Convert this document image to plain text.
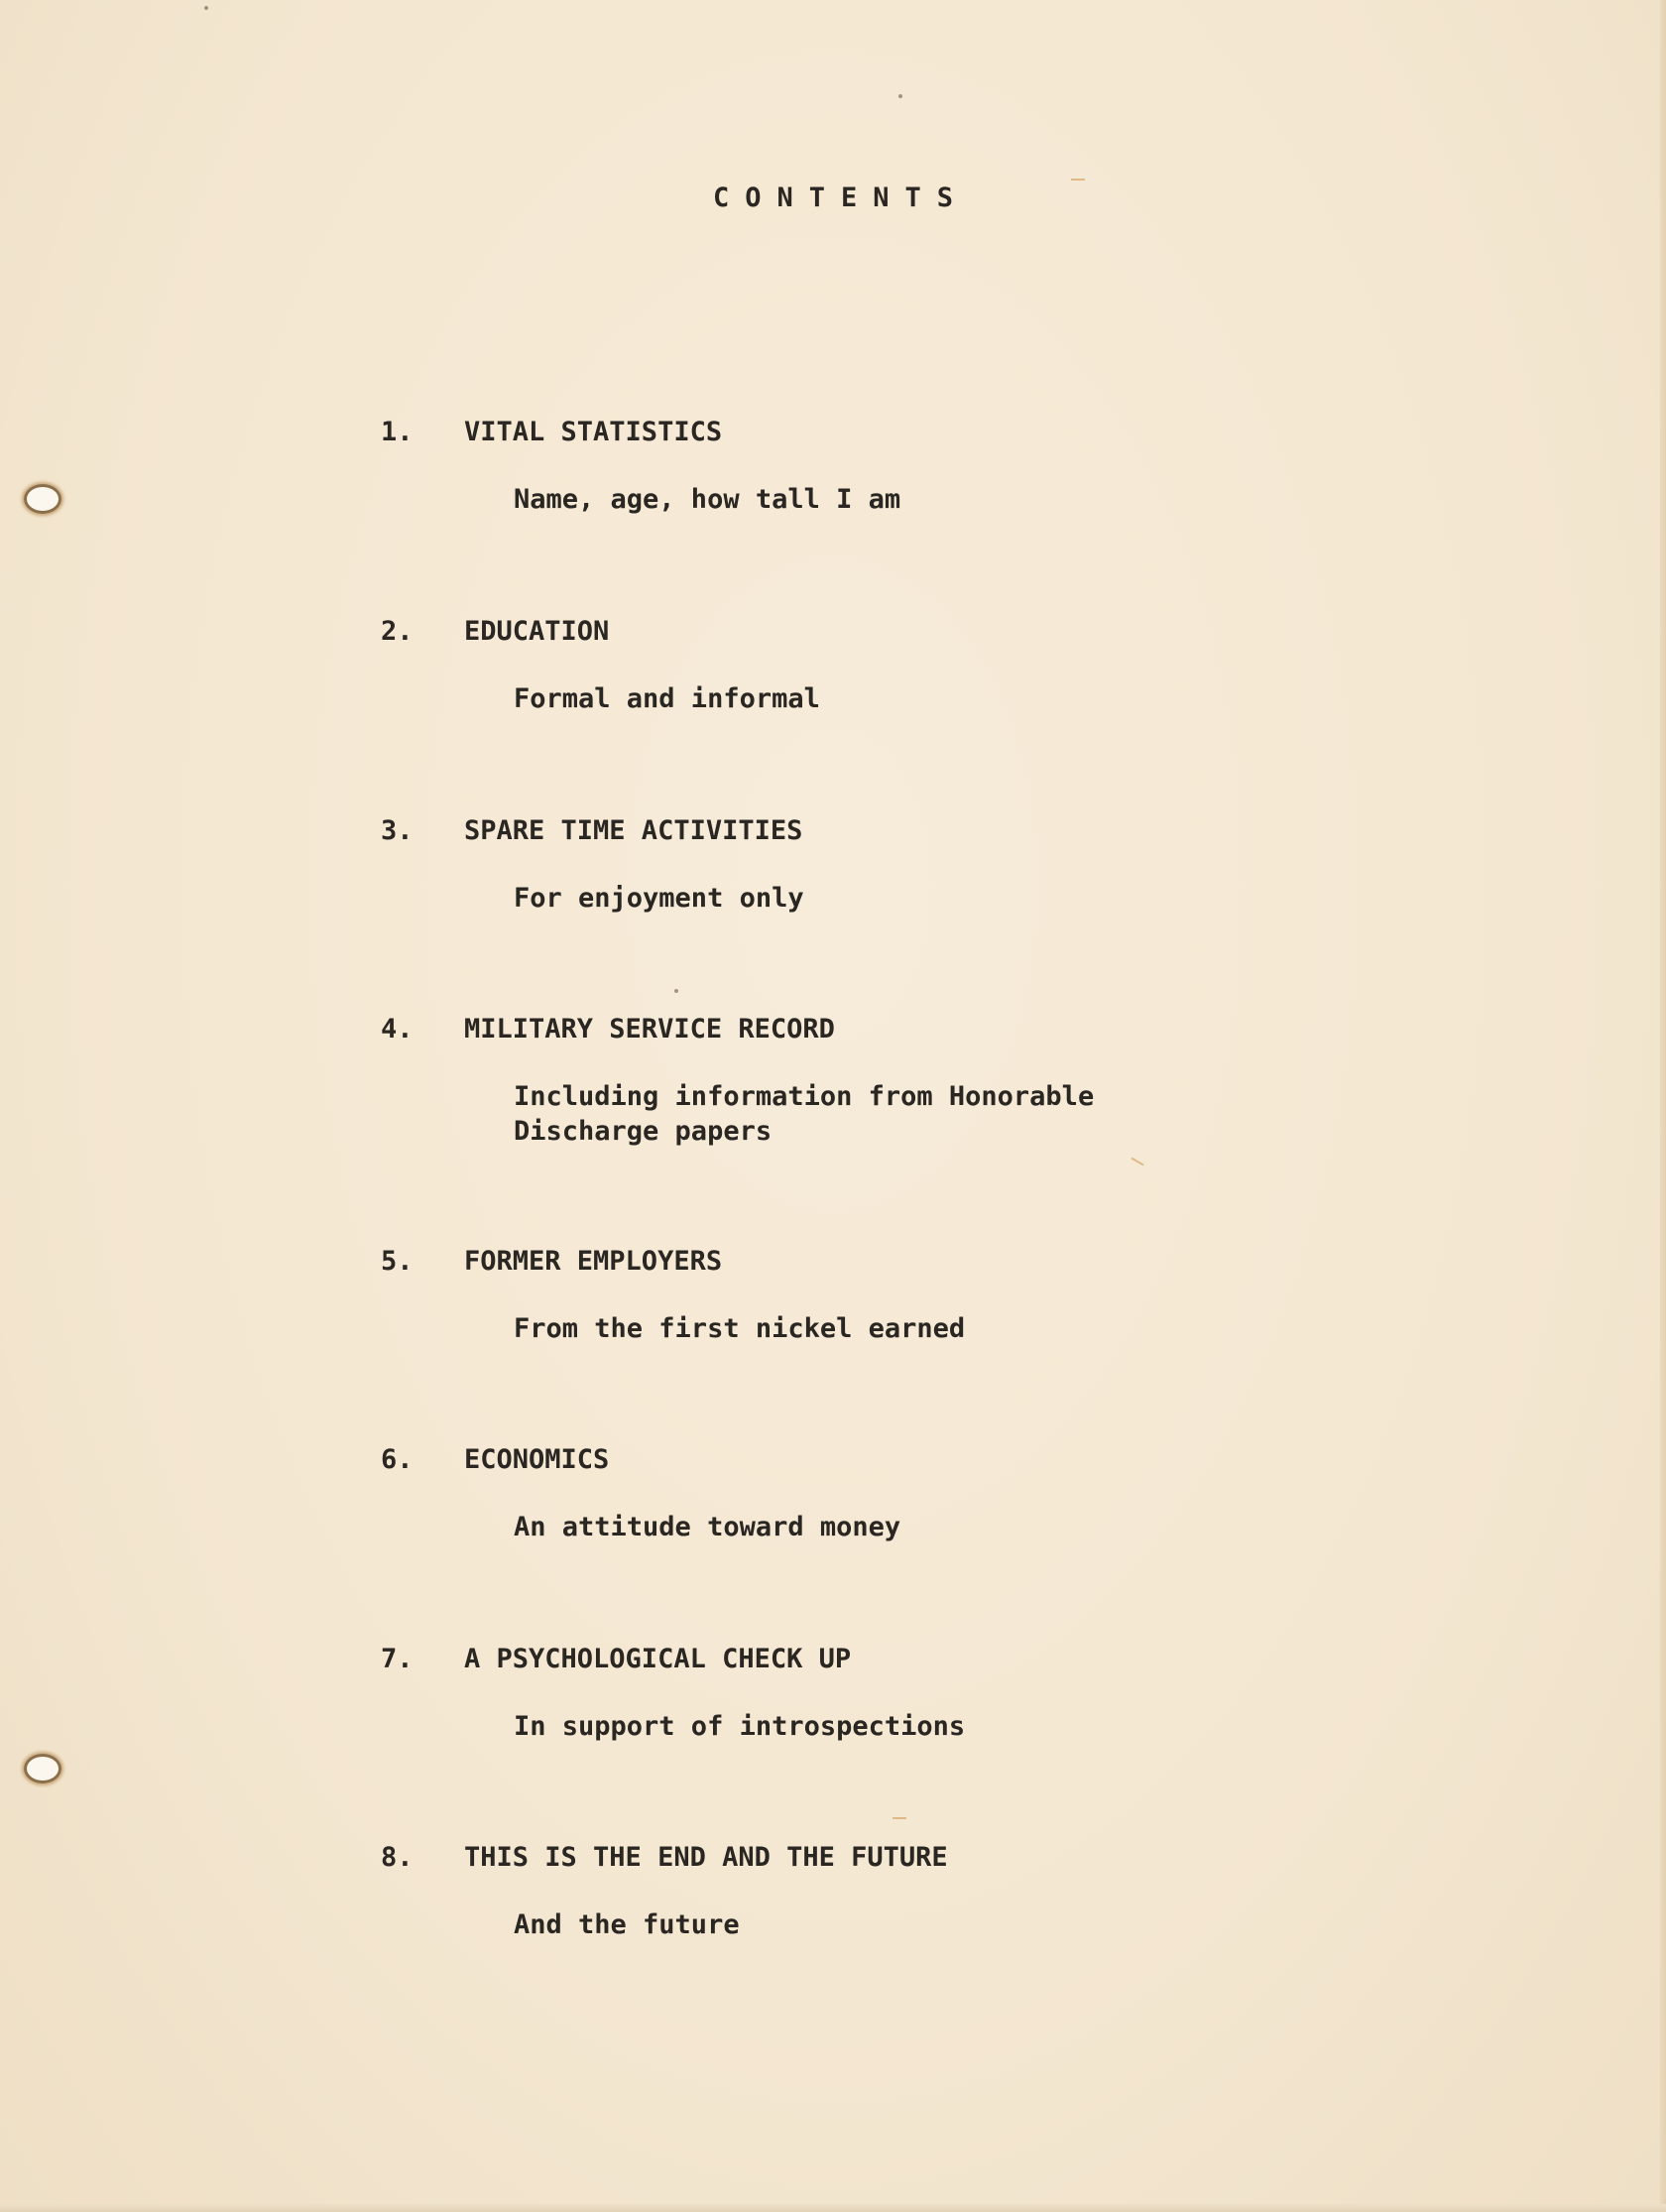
CONTENTS
1. VITAL STATISTICS
Name, age, how tall I am
2. EDUCATION
Formal and informal
3. SPARE TIME ACTIVITIES
For enjoyment only
4. MILITARY SERVICE RECORD
Including information from Honorable
Discharge papers
5. FORMER EMPLOYERS
From the first nickel earned
6. ECONOMICS
An attitude toward money
7. A PSYCHOLOGICAL CHECK UP
In support of introspections
8. THIS IS THE END AND THE FUTURE
And the future
